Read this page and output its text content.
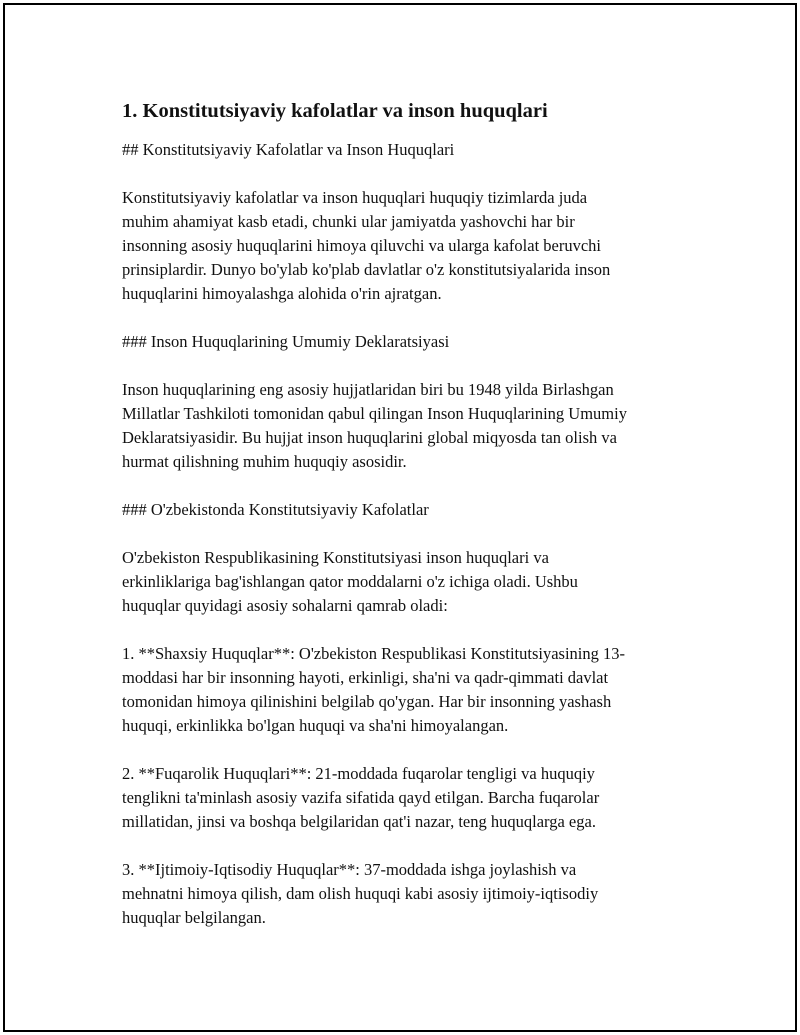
1. Konstitutsiyaviy kafolatlar va inson huquqlari
## Konstitutsiyaviy Kafolatlar va Inson Huquqlari
Konstitutsiyaviy kafolatlar va inson huquqlari huquqiy tizimlarda juda
muhim ahamiyat kasb etadi, chunki ular jamiyatda yashovchi har bir
insonning asosiy huquqlarini himoya qiluvchi va ularga kafolat beruvchi
prinsiplardir. Dunyo bo'ylab ko'plab davlatlar o'z konstitutsiyalarida inson
huquqlarini himoyalashga alohida o'rin ajratgan.
### Inson Huquqlarining Umumiy Deklaratsiyasi
Inson huquqlarining eng asosiy hujjatlaridan biri bu 1948 yilda Birlashgan
Millatlar Tashkiloti tomonidan qabul qilingan Inson Huquqlarining Umumiy
Deklaratsiyasidir. Bu hujjat inson huquqlarini global miqyosda tan olish va
hurmat qilishning muhim huquqiy asosidir.
### O'zbekistonda Konstitutsiyaviy Kafolatlar
O'zbekiston Respublikasining Konstitutsiyasi inson huquqlari va
erkinliklariga bag'ishlangan qator moddalarni o'z ichiga oladi. Ushbu
huquqlar quyidagi asosiy sohalarni qamrab oladi:
1. **Shaxsiy Huquqlar**: O'zbekiston Respublikasi Konstitutsiyasining 13-
moddasi har bir insonning hayoti, erkinligi, sha'ni va qadr-qimmati davlat
tomonidan himoya qilinishini belgilab qo'ygan. Har bir insonning yashash
huquqi, erkinlikka bo'lgan huquqi va sha'ni himoyalangan.
2. **Fuqarolik Huquqlari**: 21-moddada fuqarolar tengligi va huquqiy
tenglikni ta'minlash asosiy vazifa sifatida qayd etilgan. Barcha fuqarolar
millatidan, jinsi va boshqa belgilaridan qat'i nazar, teng huquqlarga ega.
3. **Ijtimoiy-Iqtisodiy Huquqlar**: 37-moddada ishga joylashish va
mehnatni himoya qilish, dam olish huquqi kabi asosiy ijtimoiy-iqtisodiy
huquqlar belgilangan.
